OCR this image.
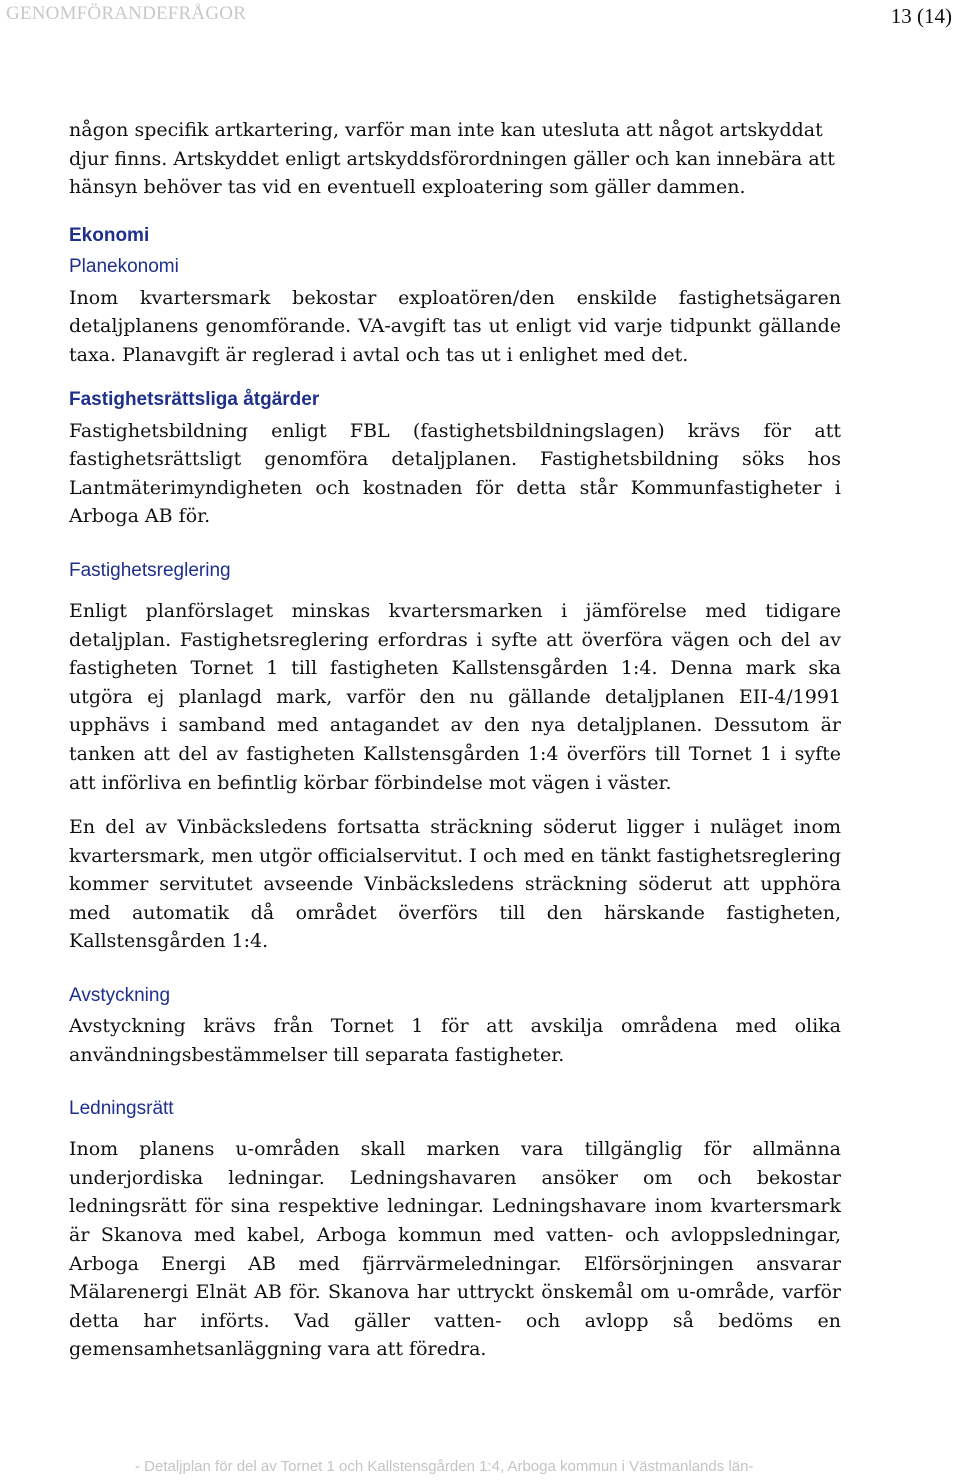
GENOMFÖRANDEFRÅGOR	13 (14)

någon specifik artkartering, varför man inte kan utesluta att något artskyddat djur finns. Artskyddet enligt artskyddsförordningen gäller och kan innebära att hänsyn behöver tas vid en eventuell exploatering som gäller dammen.

Ekonomi
Planekonomi

Inom kvartersmark bekostar exploatören/den enskilde fastighetsägaren detaljplanens genomförande. VA-avgift tas ut enligt vid varje tidpunkt gällande taxa. Planavgift är reglerad i avtal och tas ut i enlighet med det.

Fastighetsrättsliga åtgärder

Fastighetsbildning enligt FBL (fastighetsbildningslagen) krävs för att fastighetsrättsligt genomföra detaljplanen. Fastighetsbildning söks hos Lantmäterimyndigheten och kostnaden för detta står Kommunfastigheter i Arboga AB för.

Fastighetsreglering

Enligt planförslaget minskas kvartersmarken i jämförelse med tidigare detaljplan. Fastighetsreglering erfordras i syfte att överföra vägen och del av fastigheten Tornet 1 till fastigheten Kallstensgården 1:4. Denna mark ska utgöra ej planlagd mark, varför den nu gällande detaljplanen EII-4/1991 upphävs i samband med antagandet av den nya detaljplanen. Dessutom är tanken att del av fastigheten Kallstensgården 1:4 överförs till Tornet 1 i syfte att införliva en befintlig körbar förbindelse mot vägen i väster.

En del av Vinbäcksledens fortsatta sträckning söderut ligger i nuläget inom kvartersmark, men utgör officialservitut. I och med en tänkt fastighetsreglering kommer servitutet avseende Vinbäcksledens sträckning söderut att upphöra med automatik då området överförs till den härskande fastigheten, Kallstensgården 1:4.

Avstyckning

Avstyckning krävs från Tornet 1 för att avskilja områdena med olika användningsbestämmelser till separata fastigheter.

Ledningsrätt

Inom planens u-områden skall marken vara tillgänglig för allmänna underjordiska ledningar. Ledningshavaren ansöker om och bekostar ledningsrätt för sina respektive ledningar. Ledningshavare inom kvartersmark är Skanova med kabel, Arboga kommun med vatten- och avloppsledningar, Arboga Energi AB med fjärrvärmeledningar. Elförsörjningen ansvarar Mälarenergi Elnät AB för. Skanova har uttryckt önskemål om u-område, varför detta har införts. Vad gäller vatten- och avlopp så bedöms en gemensamhetsanläggning vara att föredra.

- Detaljplan för del av Tornet 1 och Kallstensgården 1:4, Arboga kommun i Västmanlands län-
